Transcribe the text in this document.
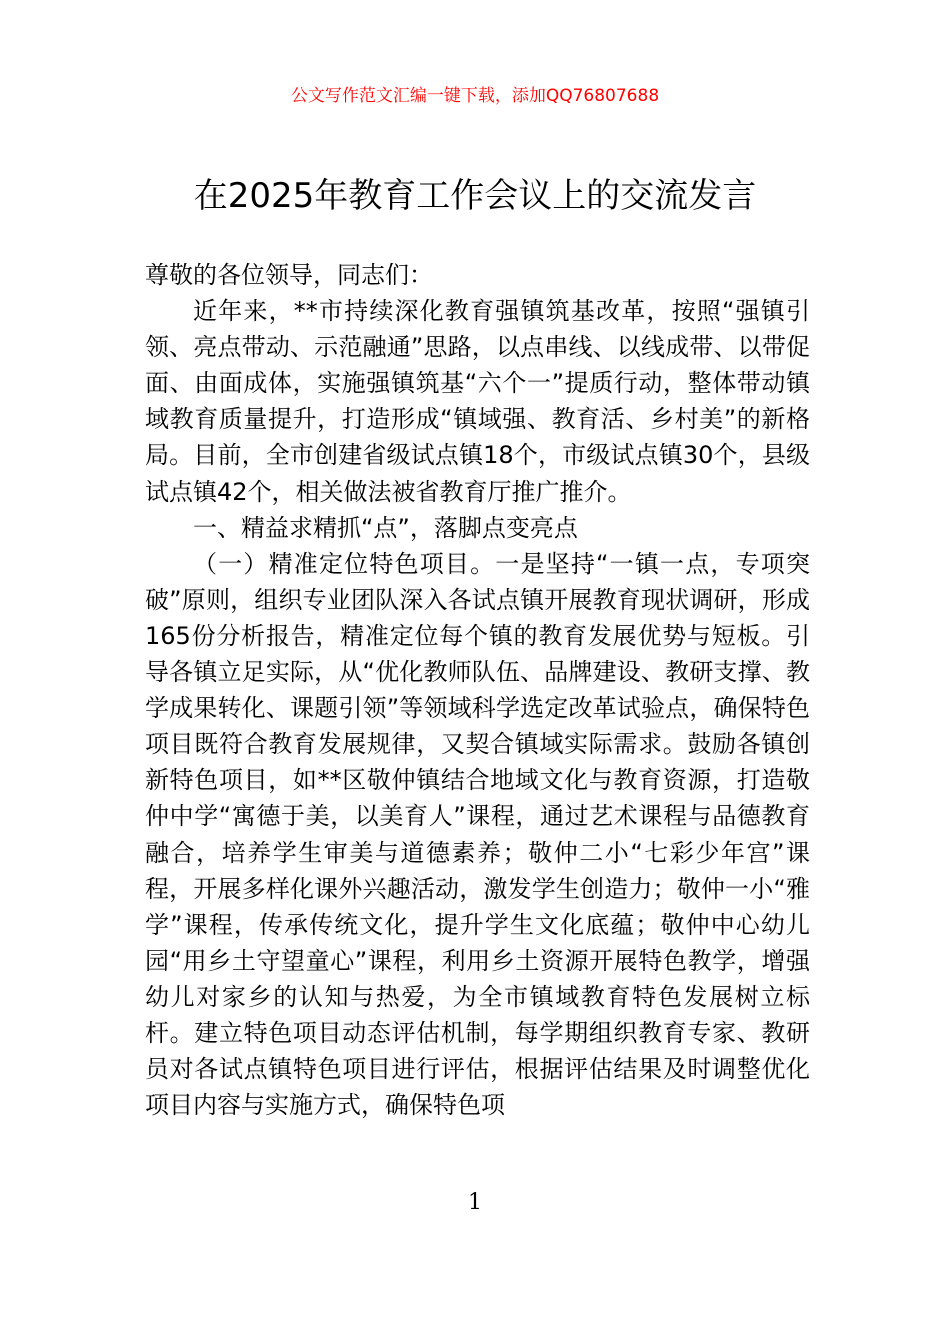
公文写作范文汇编一键下载，添加QQ76807688
在2025年教育工作会议上的交流发言

尊敬的各位领导，同志们：

近年来，**市持续深化教育强镇筑基改革，按照“强镇引领、亮点带动、示范融通”思路，以点串线、以线成带、以带促面、由面成体，实施强镇筑基“六个一”提质行动，整体带动镇域教育质量提升，打造形成“镇域强、教育活、乡村美”的新格局。目前，全市创建省级试点镇18个，市级试点镇30个，县级试点镇42个，相关做法被省教育厅推广推介。

一、精益求精抓“点”，落脚点变亮点

（一）精准定位特色项目。一是坚持“一镇一点，专项突破”原则，组织专业团队深入各试点镇开展教育现状调研，形成165份分析报告，精准定位每个镇的教育发展优势与短板。引导各镇立足实际，从“优化教师队伍、品牌建设、教研支撑、教学成果转化、课题引领”等领域科学选定改革试验点，确保特色项目既符合教育发展规律，又契合镇域实际需求。鼓励各镇创新特色项目，如**区敬仲镇结合地域文化与教育资源，打造敬仲中学“寓德于美，以美育人”课程，通过艺术课程与品德教育融合，培养学生审美与道德素养；敬仲二小“七彩少年宫”课程，开展多样化课外兴趣活动，激发学生创造力；敬仲一小“雅学”课程，传承传统文化，提升学生文化底蕴；敬仲中心幼儿园“用乡土守望童心”课程，利用乡土资源开展特色教学，增强幼儿对家乡的认知与热爱，为全市镇域教育特色发展树立标杆。建立特色项目动态评估机制，每学期组织教育专家、教研员对各试点镇特色项目进行评估，根据评估结果及时调整优化项目内容与实施方式，确保特色项

1
